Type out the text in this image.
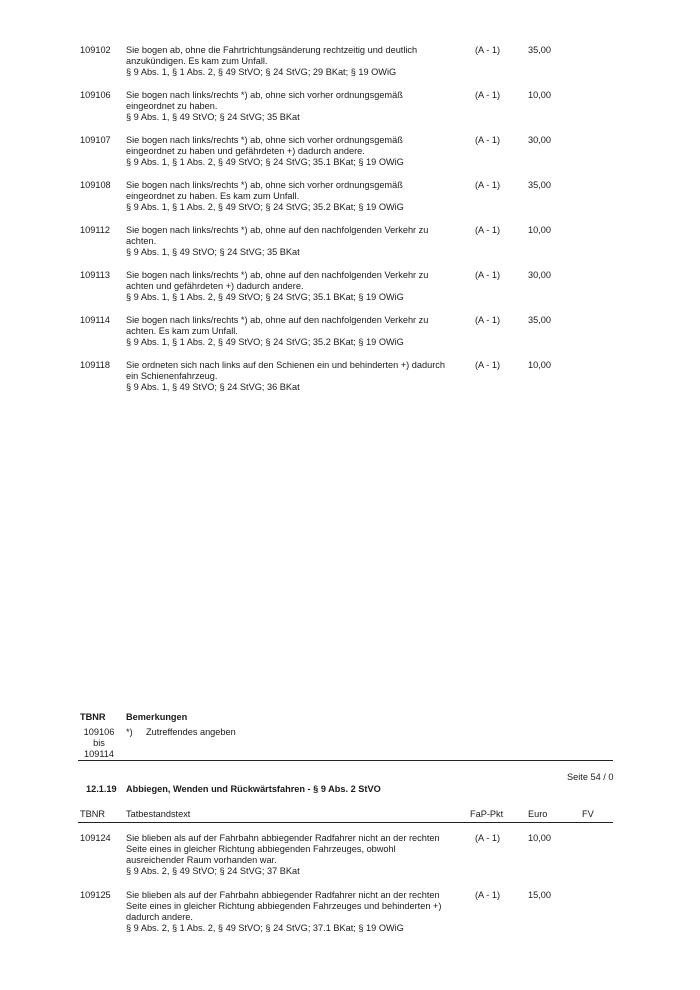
109102 Sie bogen ab, ohne die Fahrtrichtungsänderung rechtzeitig und deutlich
anzukündigen. Es kam zum Unfall.
§ 9 Abs. 1, § 1 Abs. 2, § 49 StVO; § 24 StVG; 29 BKat; § 19 OWiG
(A - 1)	35,00
109106 Sie bogen nach links/rechts *) ab, ohne sich vorher ordnungsgemäß
eingeordnet zu haben.
§ 9 Abs. 1, § 49 StVO; § 24 StVG; 35 BKat
(A - 1)	10,00
109107 Sie bogen nach links/rechts *) ab, ohne sich vorher ordnungsgemäß
eingeordnet zu haben und gefährdeten +) dadurch andere.
§ 9 Abs. 1, § 1 Abs. 2, § 49 StVO; § 24 StVG; 35.1 BKat; § 19 OWiG
(A - 1)	30,00
109108 Sie bogen nach links/rechts *) ab, ohne sich vorher ordnungsgemäß
eingeordnet zu haben. Es kam zum Unfall.
§ 9 Abs. 1, § 1 Abs. 2, § 49 StVO; § 24 StVG; 35.2 BKat; § 19 OWiG
(A - 1)	35,00
109112 Sie bogen nach links/rechts *) ab, ohne auf den nachfolgenden Verkehr zu
achten.
§ 9 Abs. 1, § 49 StVO; § 24 StVG; 35 BKat
(A - 1)	10,00
109113 Sie bogen nach links/rechts *) ab, ohne auf den nachfolgenden Verkehr zu
achten und gefährdeten +) dadurch andere.
§ 9 Abs. 1, § 1 Abs. 2, § 49 StVO; § 24 StVG; 35.1 BKat; § 19 OWiG
(A - 1)	30,00
109114 Sie bogen nach links/rechts *) ab, ohne auf den nachfolgenden Verkehr zu
achten. Es kam zum Unfall.
§ 9 Abs. 1, § 1 Abs. 2, § 49 StVO; § 24 StVG; 35.2 BKat; § 19 OWiG
(A - 1)	35,00
109118 Sie ordneten sich nach links auf den Schienen ein und behinderten +) dadurch
ein Schienenfahrzeug.
§ 9 Abs. 1, § 49 StVO; § 24 StVG; 36 BKat
(A - 1)	10,00
TBNR Bemerkungen
109106
bis
109114
*) Zutreffendes angeben
Seite 54 / 0
12.1.19 Abbiegen, Wenden und Rückwärtsfahren - § 9 Abs. 2 StVO
TBNR Tatbestandstext	FaP-Pkt	Euro	FV
109124 Sie blieben als auf der Fahrbahn abbiegender Radfahrer nicht an der rechten
Seite eines in gleicher Richtung abbiegenden Fahrzeuges, obwohl
ausreichender Raum vorhanden war.
§ 9 Abs. 2, § 49 StVO; § 24 StVG; 37 BKat
(A - 1)	10,00
109125 Sie blieben als auf der Fahrbahn abbiegender Radfahrer nicht an der rechten
Seite eines in gleicher Richtung abbiegenden Fahrzeuges und behinderten +)
dadurch andere.
§ 9 Abs. 2, § 1 Abs. 2, § 49 StVO; § 24 StVG; 37.1 BKat; § 19 OWiG
(A - 1)	15,00
